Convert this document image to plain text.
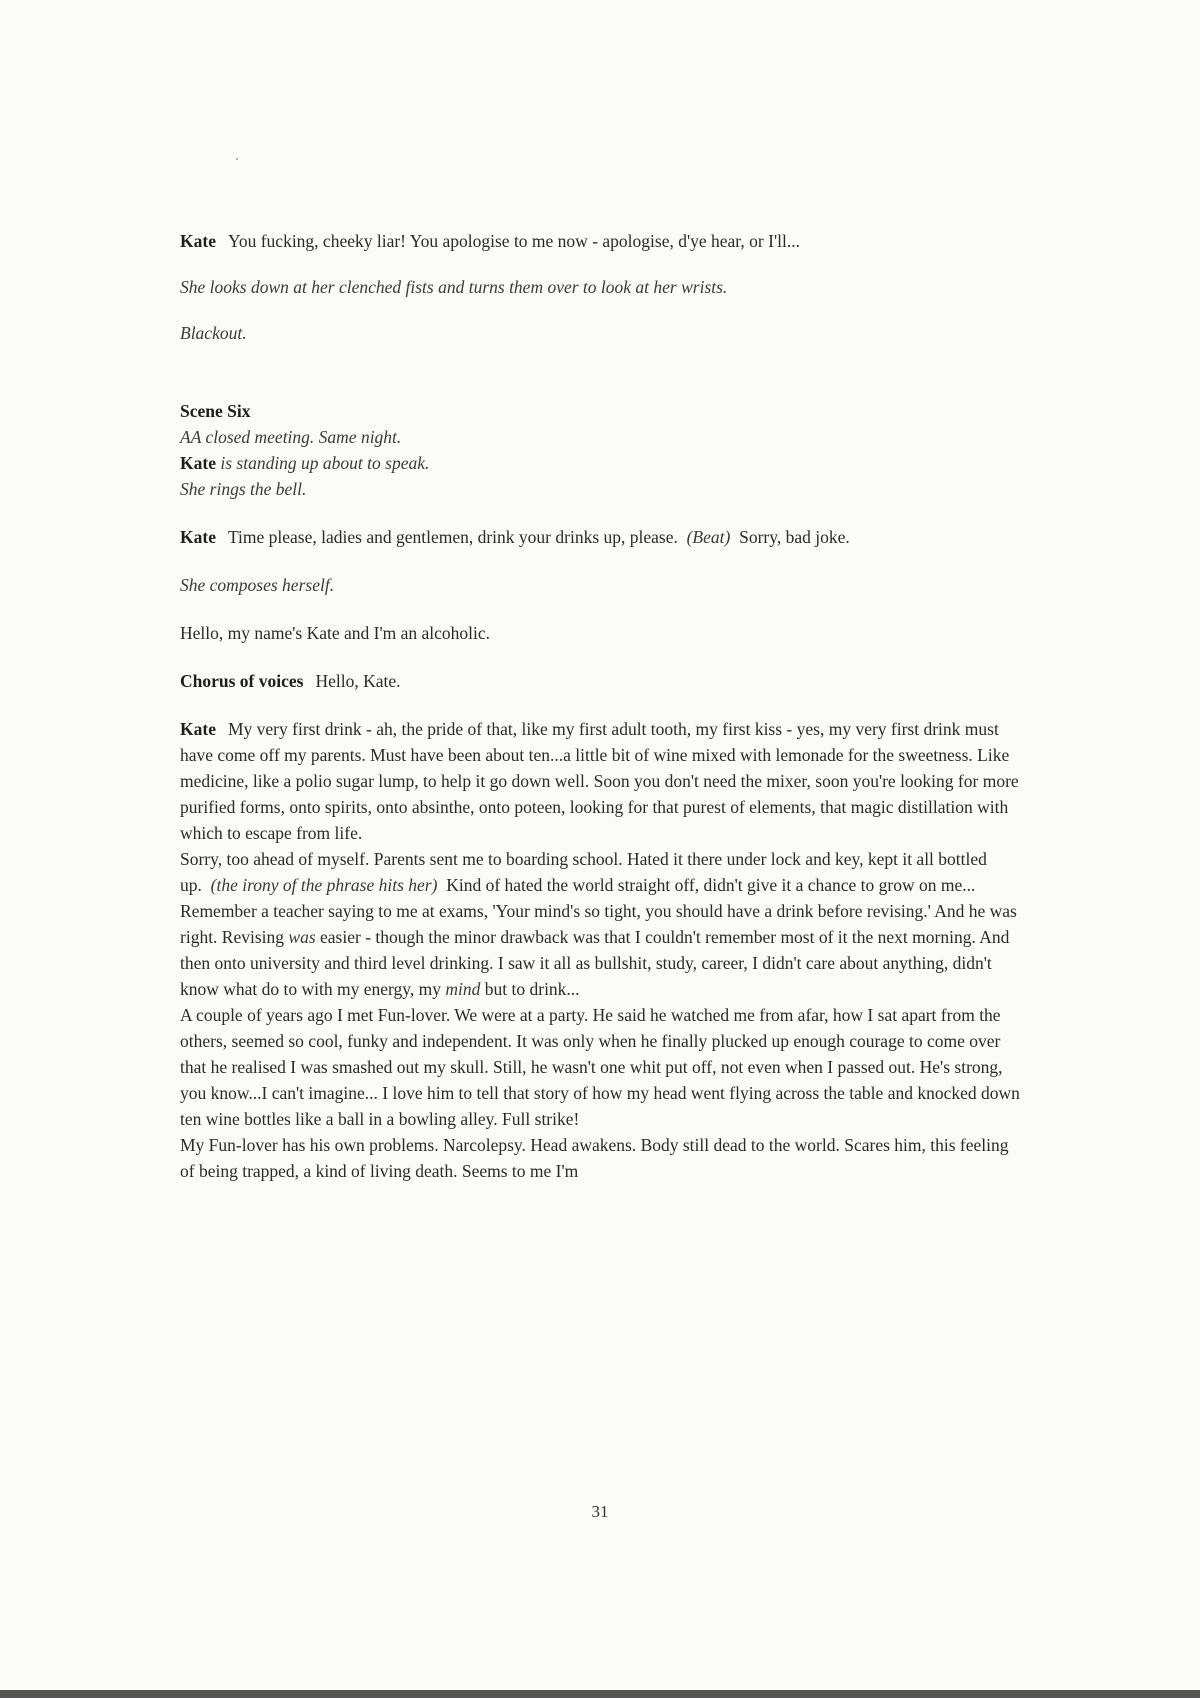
Kate You fucking, cheeky liar! You apologise to me now - apologise, d'ye hear, or I'll...

She looks down at her clenched fists and turns them over to look at her wrists.

Blackout.

Scene Six
AA closed meeting. Same night.
Kate is standing up about to speak.
She rings the bell.

Kate Time please, ladies and gentlemen, drink your drinks up, please. (Beat) Sorry, bad joke.

She composes herself.

Hello, my name's Kate and I'm an alcoholic.

Chorus of voices Hello, Kate.

Kate My very first drink - ah, the pride of that, like my first adult tooth, my first kiss - yes, my very first drink must have come off my parents. Must have been about ten...a little bit of wine mixed with lemonade for the sweetness. Like medicine, like a polio sugar lump, to help it go down well. Soon you don't need the mixer, soon you're looking for more purified forms, onto spirits, onto absinthe, onto poteen, looking for that purest of elements, that magic distillation with which to escape from life.
Sorry, too ahead of myself. Parents sent me to boarding school. Hated it there under lock and key, kept it all bottled up. (the irony of the phrase hits her) Kind of hated the world straight off, didn't give it a chance to grow on me... Remember a teacher saying to me at exams, 'Your mind's so tight, you should have a drink before revising.' And he was right. Revising was easier - though the minor drawback was that I couldn't remember most of it the next morning. And then onto university and third level drinking. I saw it all as bullshit, study, career, I didn't care about anything, didn't know what do to with my energy, my mind but to drink...
A couple of years ago I met Fun-lover. We were at a party. He said he watched me from afar, how I sat apart from the others, seemed so cool, funky and independent. It was only when he finally plucked up enough courage to come over that he realised I was smashed out my skull. Still, he wasn't one whit put off, not even when I passed out. He's strong, you know...I can't imagine... I love him to tell that story of how my head went flying across the table and knocked down ten wine bottles like a ball in a bowling alley. Full strike!
My Fun-lover has his own problems. Narcolepsy. Head awakens. Body still dead to the world. Scares him, this feeling of being trapped, a kind of living death. Seems to me I'm
31
